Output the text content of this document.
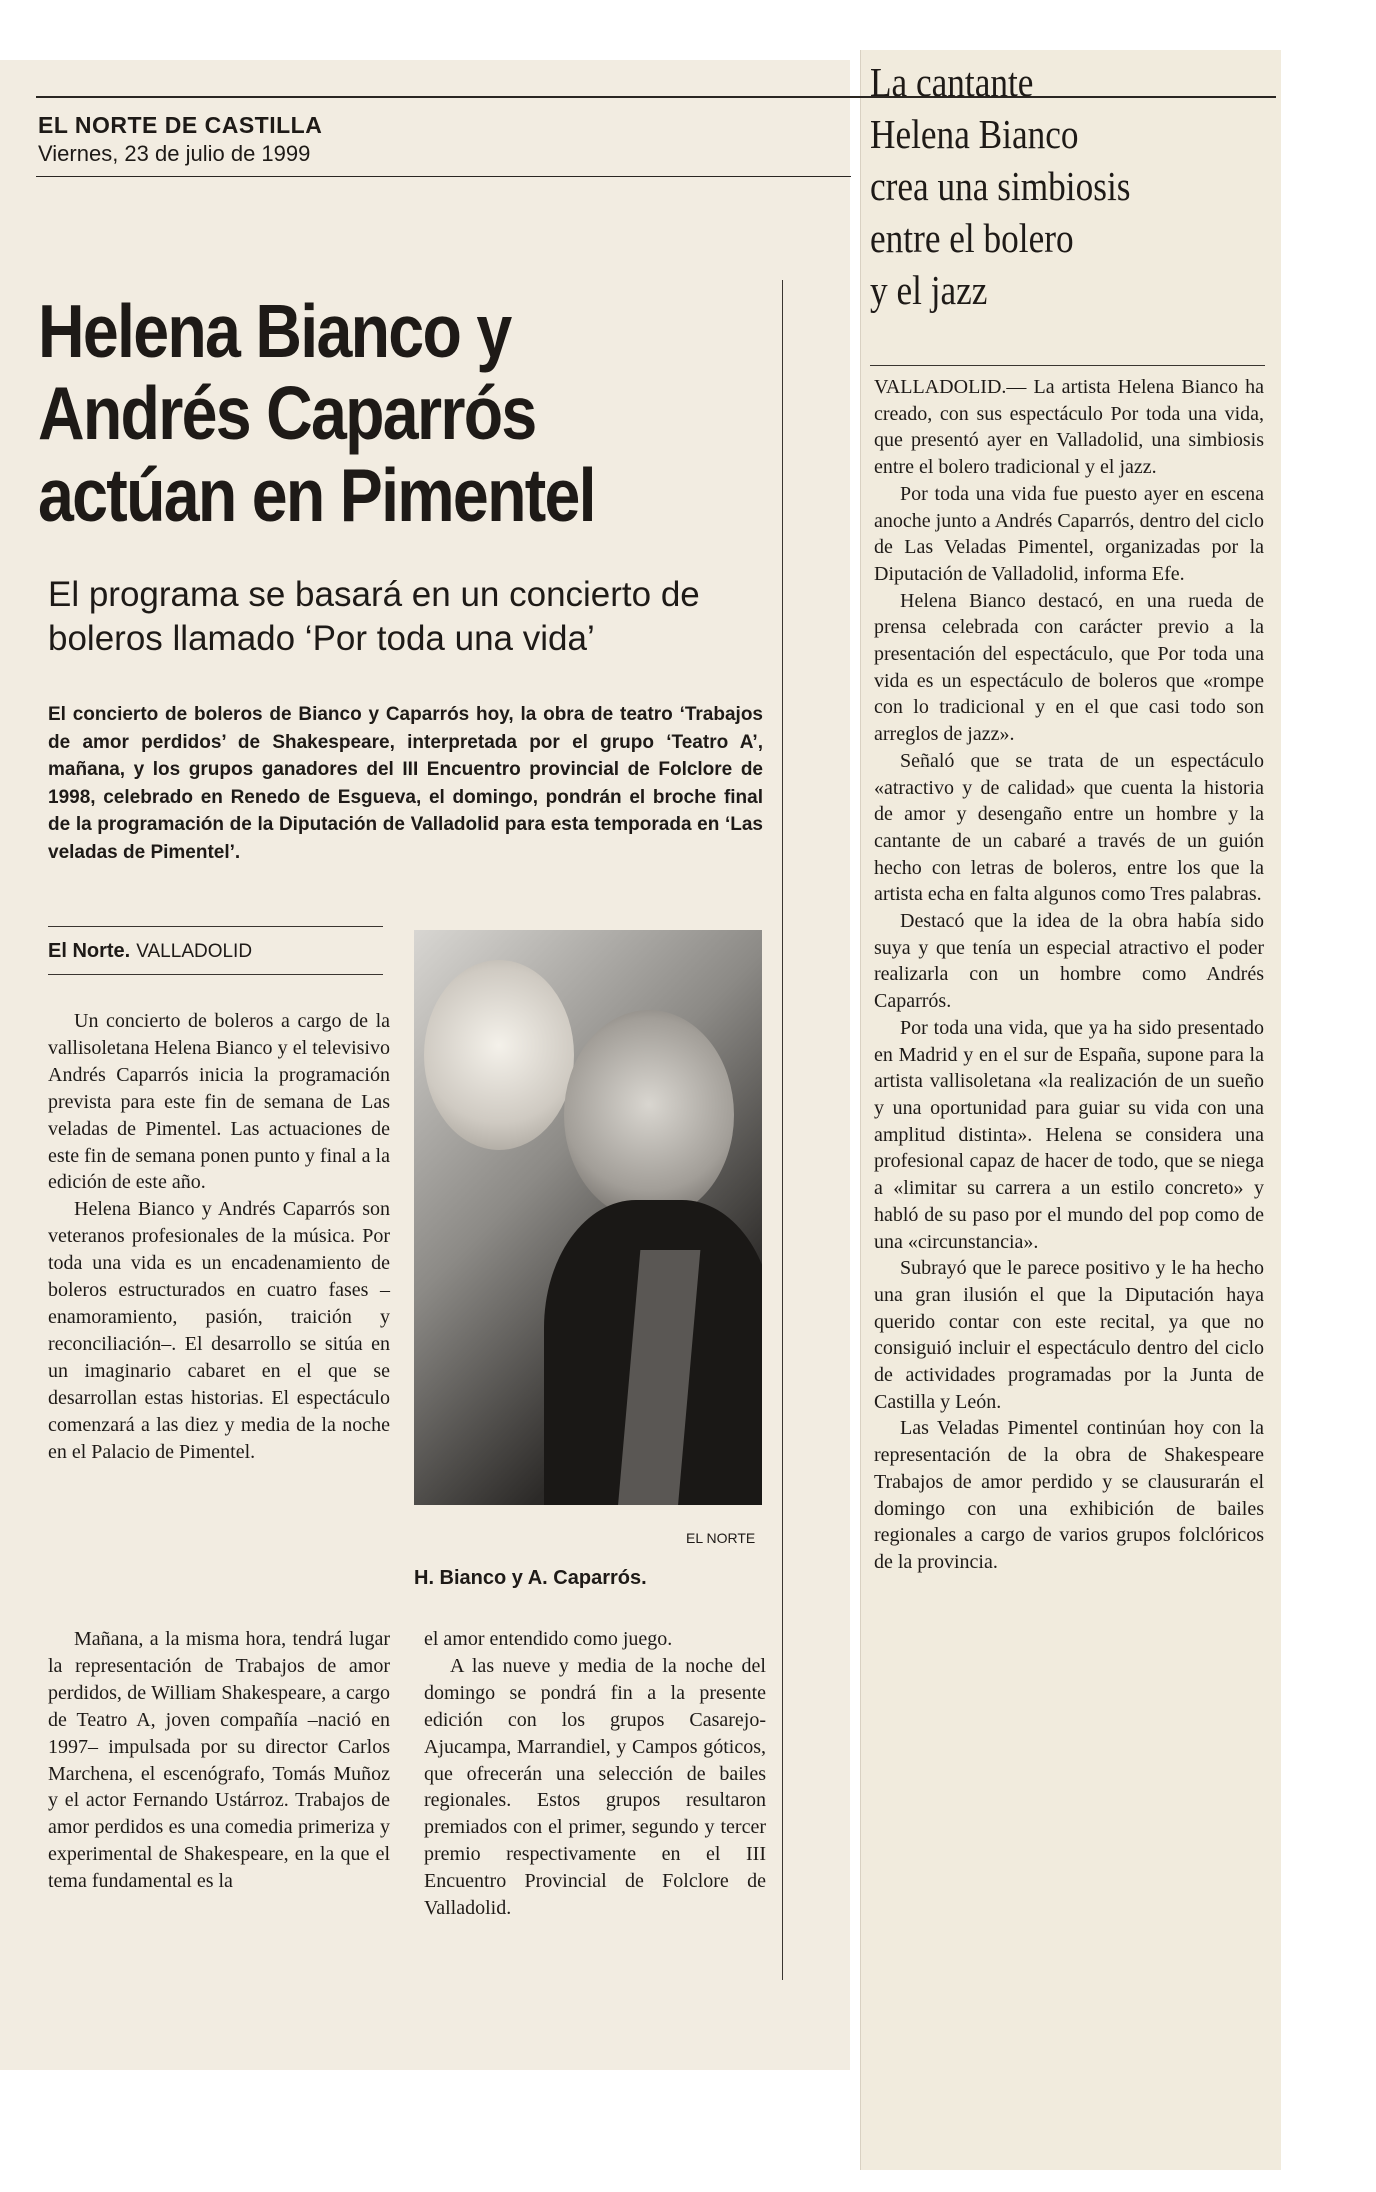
EL NORTE DE CASTILLA
Viernes, 23 de julio de 1999
Helena Bianco y
Andrés Caparrós
actúan en Pimentel
El programa se basará en un concierto de boleros llamado ‘Por toda una vida’
El concierto de boleros de Bianco y Caparrós hoy, la obra de teatro ‘Trabajos de amor perdidos’ de Shakespeare, interpretada por el grupo ‘Teatro A’, mañana, y los grupos ganadores del III Encuentro provincial de Folclore de 1998, celebrado en Renedo de Esgueva, el domingo, pondrán el broche final de la programación de la Diputación de Valladolid para esta temporada en ‘Las veladas de Pimentel’.
El Norte. VALLADOLID

Un concierto de boleros a cargo de la vallisoletana Helena Bianco y el televisivo Andrés Caparrós inicia la programación prevista para este fin de semana de Las veladas de Pimentel. Las actuaciones de este fin de semana ponen punto y final a la edición de este año.

Helena Bianco y Andrés Caparrós son veteranos profesionales de la música. Por toda una vida es un encadenamiento de boleros estructurados en cuatro fases –enamoramiento, pasión, traición y reconciliación–. El desarrollo se sitúa en un imaginario cabaret en el que se desarrollan estas historias. El espectáculo comenzará a las diez y media de la noche en el Palacio de Pimentel.

Mañana, a la misma hora, tendrá lugar la representación de Trabajos de amor perdidos, de William Shakespeare, a cargo de Teatro A, joven compañía –nació en 1997– impulsada por su director Carlos Marchena, el escenógrafo, Tomás Muñoz y el actor Fernando Ustárroz. Trabajos de amor perdidos es una comedia primeriza y experimental de Shakespeare, en la que el tema fundamental es la

EL NORTE
H. Bianco y A. Caparrós.

el amor entendido como juego.

A las nueve y media de la noche del domingo se pondrá fin a la presente edición con los grupos Casarejo-Ajucampa, Marrandiel, y Campos góticos, que ofrecerán una selección de bailes regionales. Estos grupos resultaron premiados con el primer, segundo y tercer premio respectivamente en el III Encuentro Provincial de Folclore de Valladolid.

La cantante
Helena Bianco
crea una simbiosis
entre el bolero
y el jazz

VALLADOLID.— La artista Helena Bianco ha creado, con sus espectáculo Por toda una vida, que presentó ayer en Valladolid, una simbiosis entre el bolero tradicional y el jazz.

Por toda una vida fue puesto ayer en escena anoche junto a Andrés Caparrós, dentro del ciclo de Las Veladas Pimentel, organizadas por la Diputación de Valladolid, informa Efe.

Helena Bianco destacó, en una rueda de prensa celebrada con carácter previo a la presentación del espectáculo, que Por toda una vida es un espectáculo de boleros que «rompe con lo tradicional y en el que casi todo son arreglos de jazz».

Señaló que se trata de un espectáculo «atractivo y de calidad» que cuenta la historia de amor y desengaño entre un hombre y la cantante de un cabaré a través de un guión hecho con letras de boleros, entre los que la artista echa en falta algunos como Tres palabras.

Destacó que la idea de la obra había sido suya y que tenía un especial atractivo el poder realizarla con un hombre como Andrés Caparrós.

Por toda una vida, que ya ha sido presentado en Madrid y en el sur de España, supone para la artista vallisoletana «la realización de un sueño y una oportunidad para guiar su vida con una amplitud distinta». Helena se considera una profesional capaz de hacer de todo, que se niega a «limitar su carrera a un estilo concreto» y habló de su paso por el mundo del pop como de una «circunstancia».

Subrayó que le parece positivo y le ha hecho una gran ilusión el que la Diputación haya querido contar con este recital, ya que no consiguió incluir el espectáculo dentro del ciclo de actividades programadas por la Junta de Castilla y León.

Las Veladas Pimentel continúan hoy con la representación de la obra de Shakespeare Trabajos de amor perdido y se clausurarán el domingo con una exhibición de bailes regionales a cargo de varios grupos folclóricos de la provincia.
